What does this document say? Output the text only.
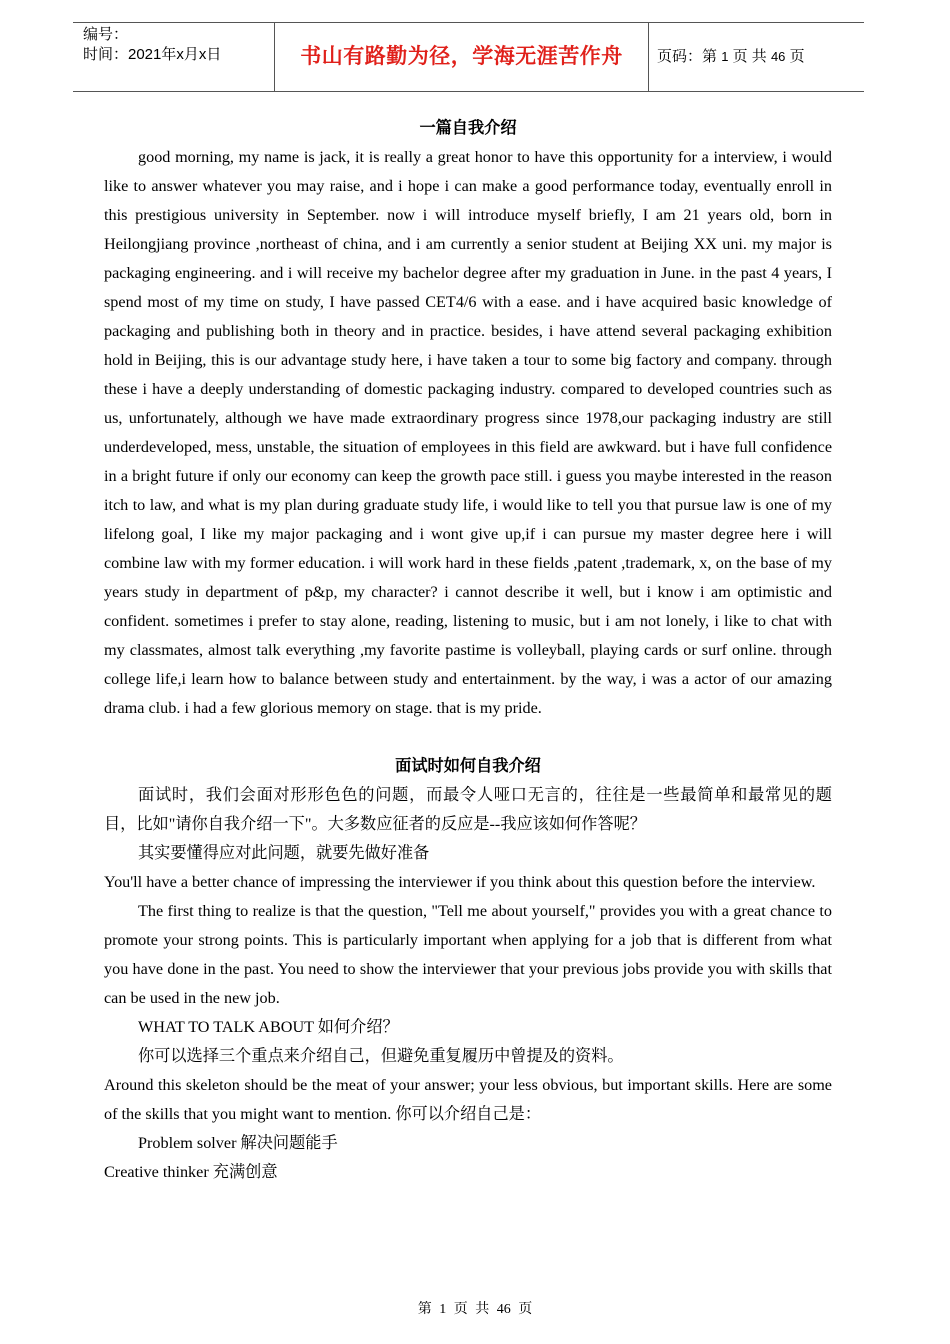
编号：
时间：2021年x月x日	书山有路勤为径，学海无涯苦作舟	页码：第 1 页 共 46 页
一篇自我介绍

good morning, my name is jack, it is really a great honor to have this opportunity for a interview, i would like to answer whatever you may raise, and i hope i can make a good performance today, eventually enroll in this prestigious university in September. now i will introduce myself briefly, I am 21 years old, born in Heilongjiang province ,northeast of china, and i am currently a senior student at Beijing XX uni. my major is packaging engineering. and i will receive my bachelor degree after my graduation in June. in the past 4 years, I spend most of my time on study, I have passed CET4/6 with a ease. and i have acquired basic knowledge of packaging and publishing both in theory and in practice. besides, i have attend several packaging exhibition hold in Beijing, this is our advantage study here, i have taken a tour to some big factory and company. through these i have a deeply understanding of domestic packaging industry. compared to developed countries such as us, unfortunately, although we have made extraordinary progress since 1978,our packaging industry are still underdeveloped, mess, unstable, the situation of employees in this field are awkward. but i have full confidence in a bright future if only our economy can keep the growth pace still. i guess you maybe interested in the reason itch to law, and what is my plan during graduate study life, i would like to tell you that pursue law is one of my lifelong goal, I like my major packaging and i wont give up,if i can pursue my master degree here i will combine law with my former education. i will work hard in these fields ,patent ,trademark, x, on the base of my years study in department of p&p, my character? i cannot describe it well, but i know i am optimistic and confident. sometimes i prefer to stay alone, reading, listening to music, but i am not lonely, i like to chat with my classmates, almost talk everything ,my favorite pastime is volleyball, playing cards or surf online. through college life,i learn how to balance between study and entertainment. by the way, i was a actor of our amazing drama club. i had a few glorious memory on stage. that is my pride.

面试时如何自我介绍

面试时，我们会面对形形色色的问题，而最令人哑口无言的，往往是一些最简单和最常见的题目，比如"请你自我介绍一下"。大多数应征者的反应是--我应该如何作答呢？

其实要懂得应对此问题，就要先做好准备

You'll have a better chance of impressing the interviewer if you think about this question before the interview.

The first thing to realize is that the question, "Tell me about yourself," provides you with a great chance to promote your strong points. This is particularly important when applying for a job that is different from what you have done in the past. You need to show the interviewer that your previous jobs provide you with skills that can be used in the new job.

WHAT TO TALK ABOUT 如何介绍？

你可以选择三个重点来介绍自己，但避免重复履历中曾提及的资料。

Around this skeleton should be the meat of your answer; your less obvious, but important skills. Here are some of the skills that you might want to mention. 你可以介绍自己是：

Problem solver 解决问题能手

Creative thinker 充满创意

第 1 页 共 46 页
